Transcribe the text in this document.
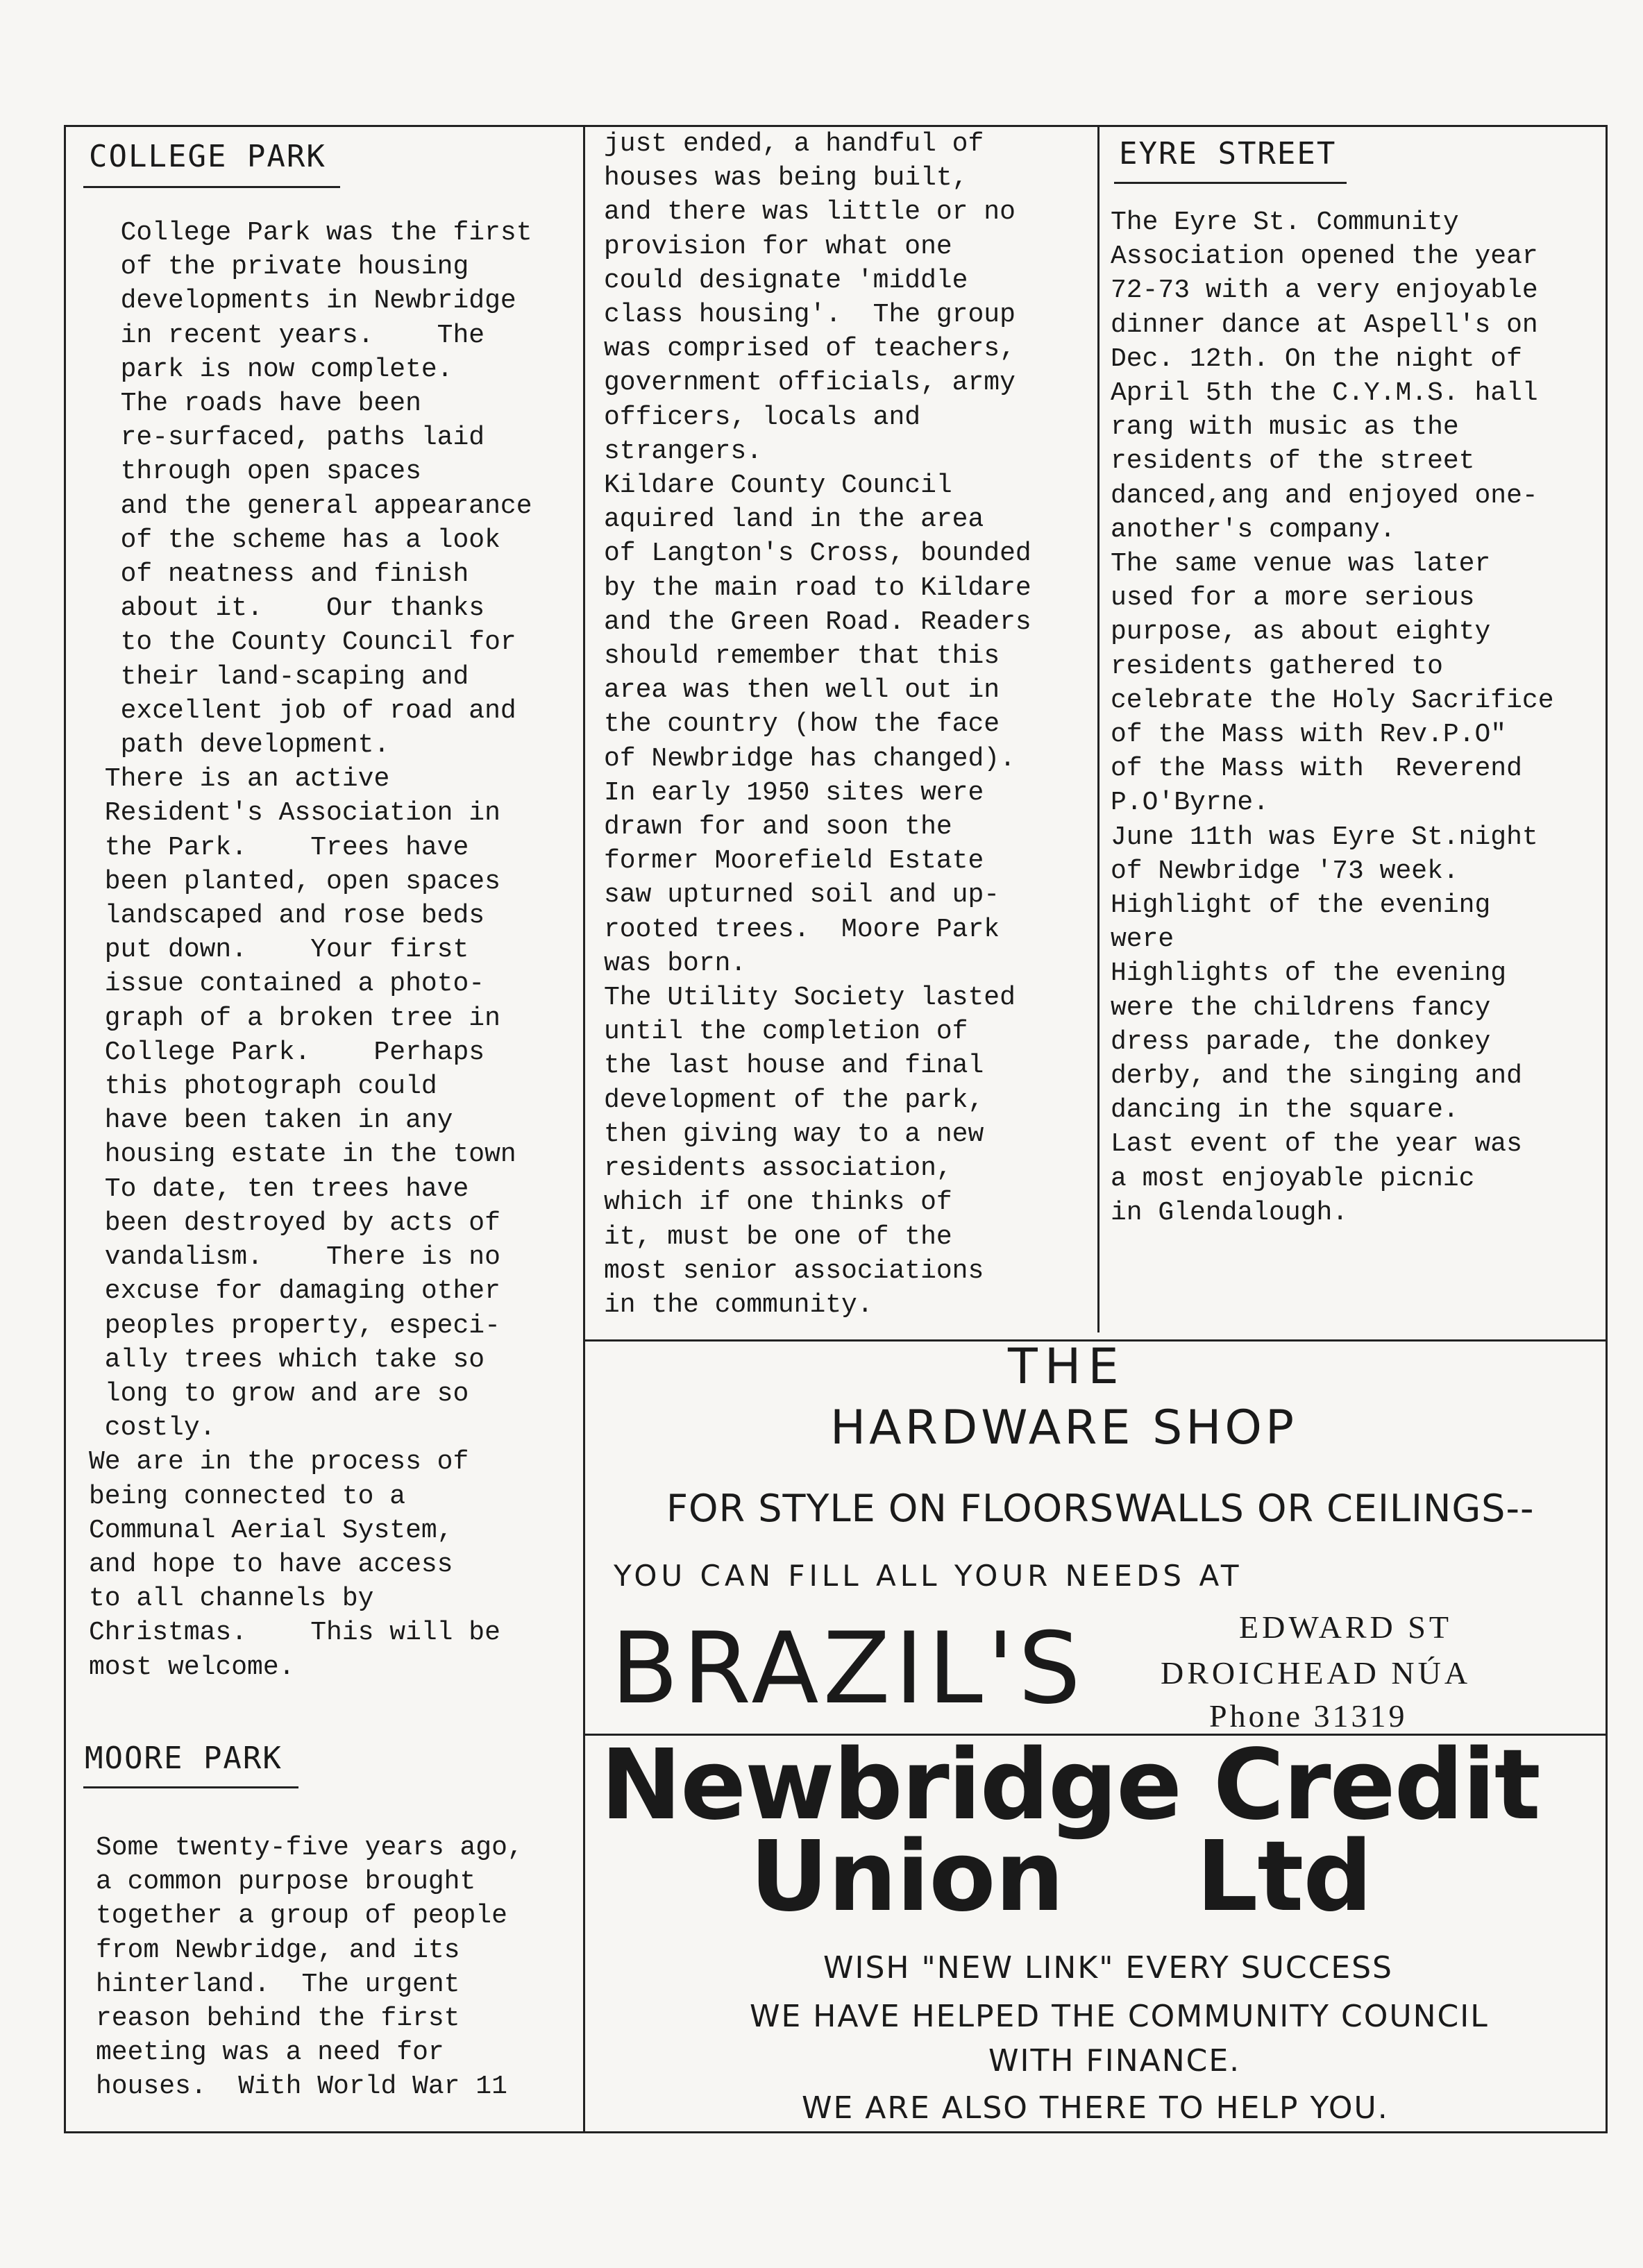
COLLEGE PARK

College Park was the first

of the private housing

developments in Newbridge

in recent years.    The

park is now complete.

The roads have been

re-surfaced, paths laid

through open spaces

and the general appearance

of the scheme has a look

of neatness and finish

about it.    Our thanks

to the County Council for

their land-scaping and

excellent job of road and

path development.

There is an active

Resident's Association in

the Park.    Trees have

been planted, open spaces

landscaped and rose beds

put down.    Your first

issue contained a photo-

graph of a broken tree in

College Park.    Perhaps

this photograph could

have been taken in any

housing estate in the town

To date, ten trees have

been destroyed by acts of

vandalism.    There is no

excuse for damaging other

peoples property, especi-

ally trees which take so

long to grow and are so

costly.

We are in the process of

being connected to a

Communal Aerial System,

and hope to have access

to all channels by

Christmas.    This will be

most welcome.

MOORE PARK

Some twenty-five years ago,

a common purpose brought

together a group of people

from Newbridge, and its

hinterland.  The urgent

reason behind the first

meeting was a need for

houses.  With World War 11

just ended, a handful of

houses was being built,

and there was little or no

provision for what one

could designate 'middle

class housing'.  The group

was comprised of teachers,

government officials, army

officers, locals and

strangers.

Kildare County Council

aquired land in the area

of Langton's Cross, bounded

by the main road to Kildare

and the Green Road. Readers

should remember that this

area was then well out in

the country (how the face

of Newbridge has changed).

In early 1950 sites were

drawn for and soon the

former Moorefield Estate

saw upturned soil and up-

rooted trees.  Moore Park

was born.

The Utility Society lasted

until the completion of

the last house and final

development of the park,

then giving way to a new

residents association,

which if one thinks of

it, must be one of the

most senior associations

in the community.

EYRE STREET

The Eyre St. Community

Association opened the year

72-73 with a very enjoyable

dinner dance at Aspell's on

Dec. 12th. On the night of

April 5th the C.Y.M.S. hall

rang with music as the

residents of the street

danced,ang and enjoyed one-

another's company.

The same venue was later

used for a more serious

purpose, as about eighty

residents gathered to

celebrate the Holy Sacrifice

of the Mass with Rev.P.O"

of the Mass with  Reverend

P.O'Byrne.

June 11th was Eyre St.night

of Newbridge '73 week.

Highlight of the evening

were

Highlights of the evening

were the childrens fancy

dress parade, the donkey

derby, and the singing and

dancing in the square.

Last event of the year was

a most enjoyable picnic

in Glendalough.

THE
HARDWARE SHOP
FOR STYLE ON FLOORS WALLS OR CEILINGS--
YOU CAN FILL ALL YOUR NEEDS AT
BRAZIL'S	EDWARD ST
DROICHEAD NÚA
Phone 31319
Newbridge Credit
Union    Ltd
WISH "NEW LINK" EVERY SUCCESS
WE HAVE HELPED THE COMMUNITY COUNCIL
WITH FINANCE.
WE ARE ALSO THERE TO HELP YOU.
